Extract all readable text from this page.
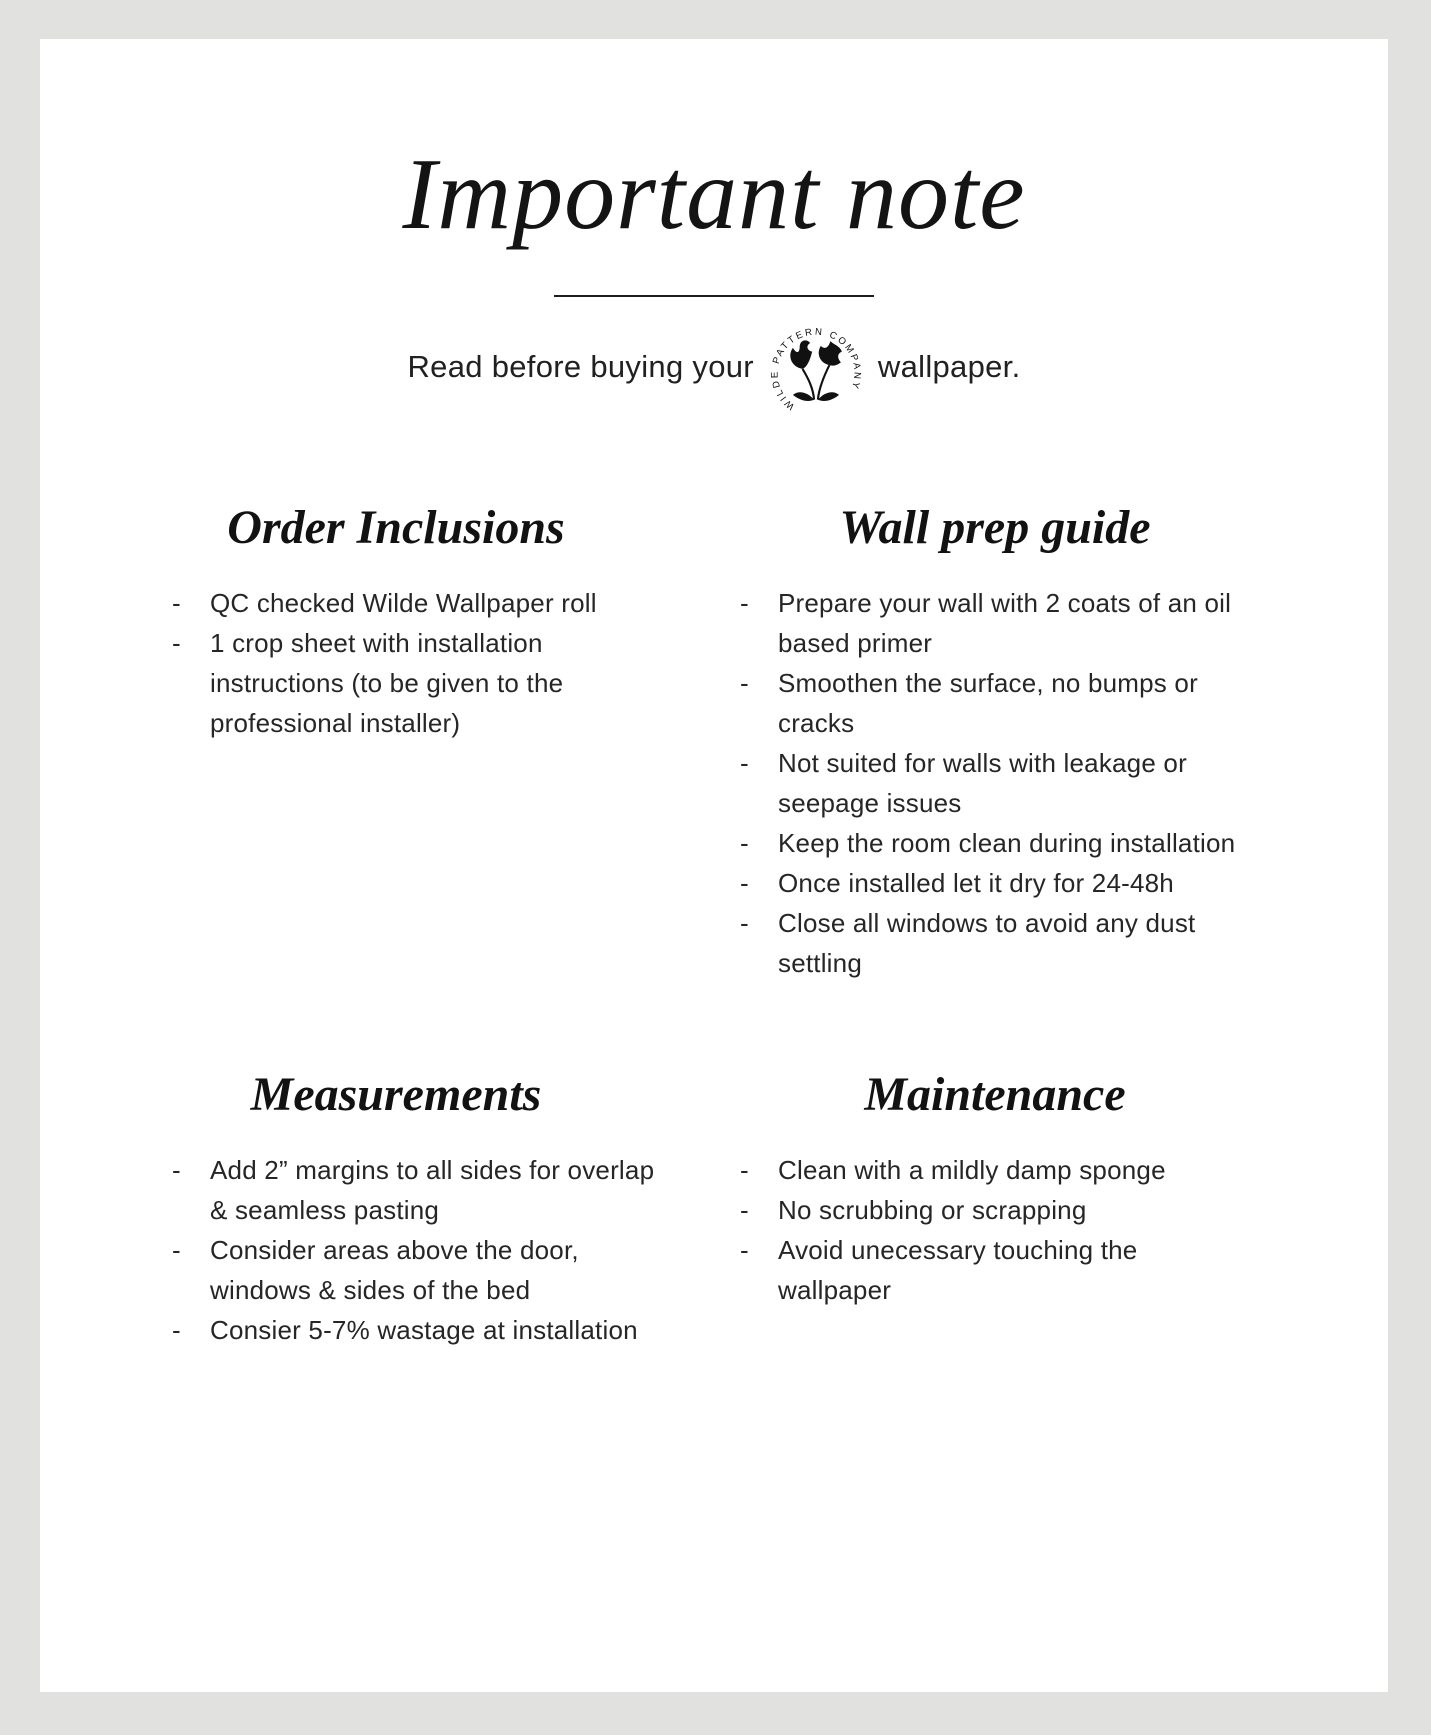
Important note
Read before buying your
WILDE PATTERN COMPANY
wallpaper.
Order Inclusions
-	QC checked Wilde Wallpaper roll
-	1 crop sheet with installation instructions (to be given to the professional installer)
Wall prep guide
-	Prepare your wall with 2 coats of an oil based primer
-	Smoothen the surface, no bumps or cracks
-	Not suited for walls with leakage or seepage issues
-	Keep the room clean during installation
-	Once installed let it dry for 24-48h
-	Close all windows to avoid any dust settling
Measurements
-	Add 2” margins to all sides for overlap & seamless pasting
-	Consider areas above the door, windows & sides of the bed
-	Consier 5-7% wastage at installation
Maintenance
-	Clean with a mildly damp sponge
-	No scrubbing or scrapping
-	Avoid unecessary touching the wallpaper
